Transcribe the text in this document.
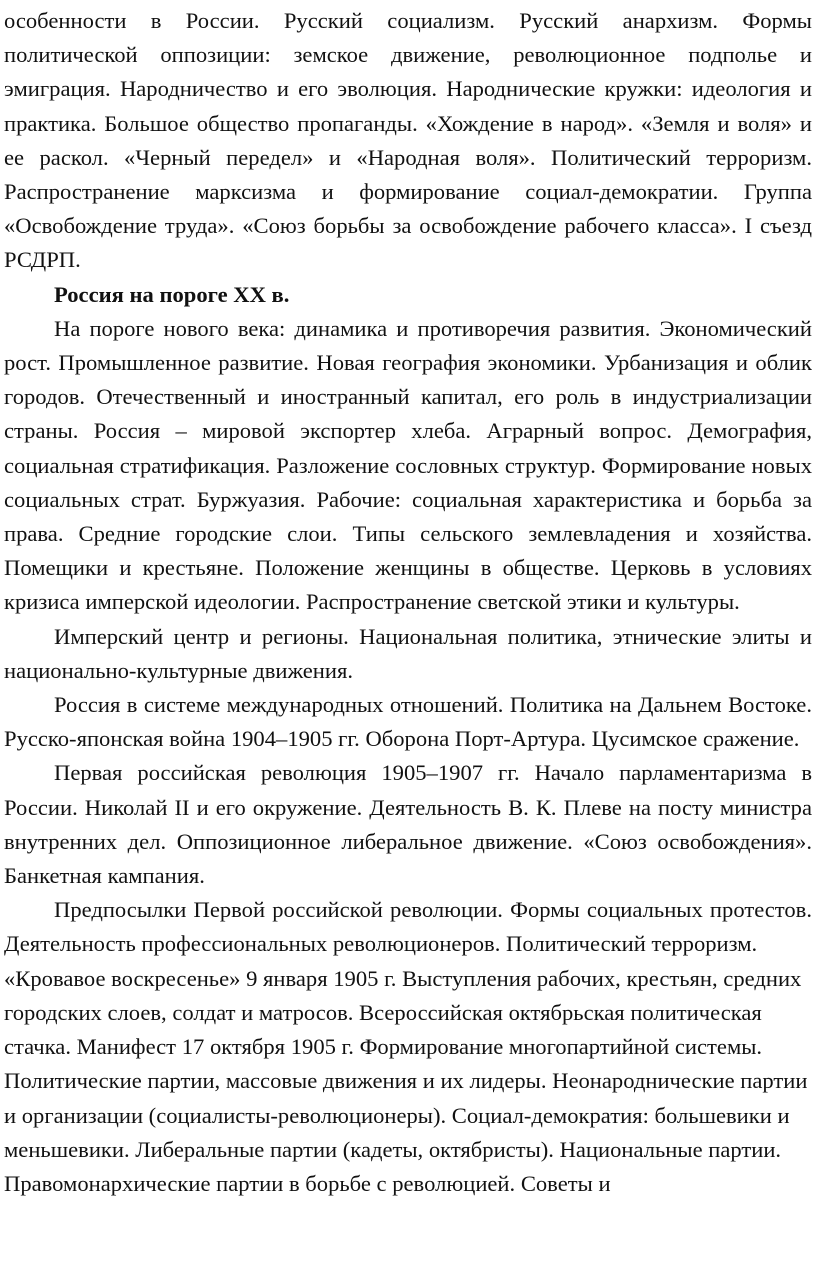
особенности в России. Русский социализм. Русский анархизм. Формы политической оппозиции: земское движение, революционное подполье и эмиграция. Народничество и его эволюция. Народнические кружки: идеология и практика. Большое общество пропаганды. «Хождение в народ». «Земля и воля» и ее раскол. «Черный передел» и «Народная воля». Политический терроризм. Распространение марксизма и формирование социал-демократии. Группа «Освобождение труда». «Союз борьбы за освобождение рабочего класса». I съезд РСДРП.

Россия на пороге XX в.

На пороге нового века: динамика и противоречия развития. Экономический рост. Промышленное развитие. Новая география экономики. Урбанизация и облик городов. Отечественный и иностранный капитал, его роль в индустриализации страны. Россия – мировой экспортер хлеба. Аграрный вопрос. Демография, социальная стратификация. Разложение сословных структур. Формирование новых социальных страт. Буржуазия. Рабочие: социальная характеристика и борьба за права. Средние городские слои. Типы сельского землевладения и хозяйства. Помещики и крестьяне. Положение женщины в обществе. Церковь в условиях кризиса имперской идеологии. Распространение светской этики и культуры.

Имперский центр и регионы. Национальная политика, этнические элиты и национально-культурные движения.

Россия в системе международных отношений. Политика на Дальнем Востоке. Русско-японская война 1904–1905 гг. Оборона Порт-Артура. Цусимское сражение.

Первая российская революция 1905–1907 гг. Начало парламентаризма в России. Николай II и его окружение. Деятельность В. К. Плеве на посту министра внутренних дел. Оппозиционное либеральное движение. «Союз освобождения». Банкетная кампания.

Предпосылки Первой российской революции. Формы социальных протестов. Деятельность профессиональных революционеров. Политический терроризм.

«Кровавое воскресенье» 9 января 1905 г. Выступления рабочих, крестьян, средних городских слоев, солдат и матросов. Всероссийская октябрьская политическая стачка. Манифест 17 октября 1905 г. Формирование многопартийной системы. Политические партии, массовые движения и их лидеры. Неонароднические партии и организации (социалисты-революционеры). Социал-демократия: большевики и меньшевики. Либеральные партии (кадеты, октябристы). Национальные партии. Правомонархические партии в борьбе с революцией. Советы и
